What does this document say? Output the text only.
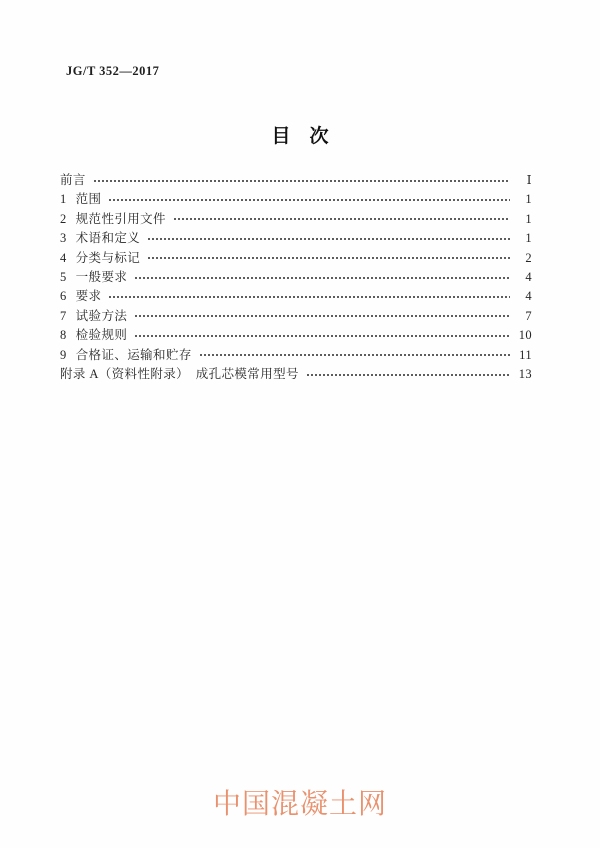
JG/T 352—2017
目　次
前言	Ⅰ
1 范围	1
2 规范性引用文件	1
3 术语和定义	1
4 分类与标记	2
5 一般要求	4
6 要求	4
7 试验方法	7
8 检验规则	10
9 合格证、运输和贮存	11
附录 A（资料性附录）　成孔芯模常用型号	13
中国混凝土网
